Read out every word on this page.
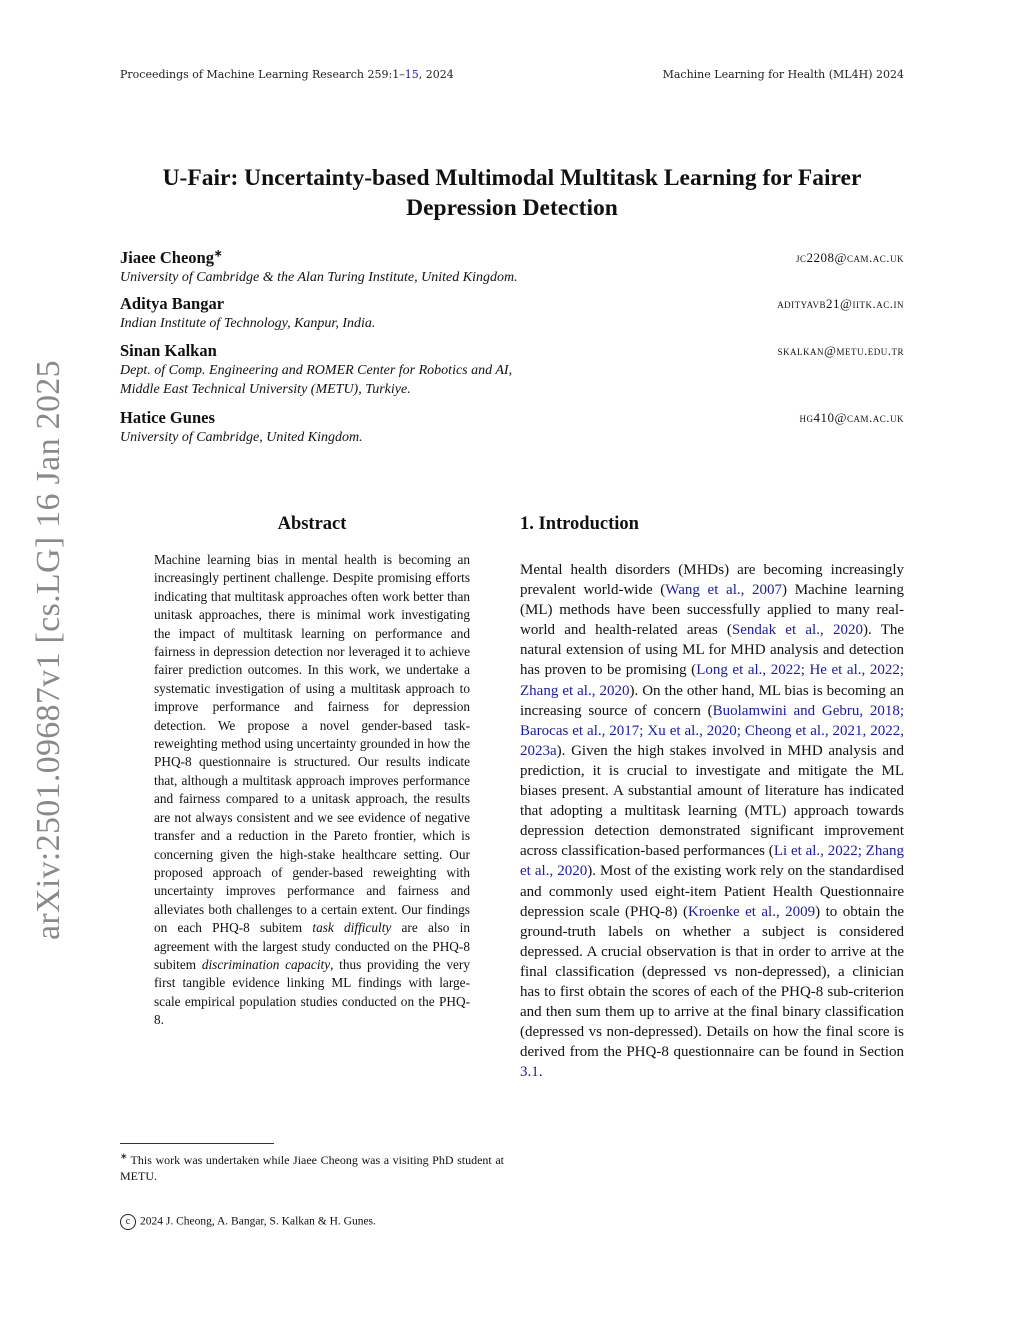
Proceedings of Machine Learning Research 259:1–15, 2024	Machine Learning for Health (ML4H) 2024
arXiv:2501.09687v1 [cs.LG] 16 Jan 2025
U-Fair: Uncertainty-based Multimodal Multitask Learning for Fairer Depression Detection
Jiaee Cheong∗	jc2208@cam.ac.uk
University of Cambridge & the Alan Turing Institute, United Kingdom.
Aditya Bangar	adityavb21@iitk.ac.in
Indian Institute of Technology, Kanpur, India.
Sinan Kalkan	skalkan@metu.edu.tr
Dept. of Comp. Engineering and ROMER Center for Robotics and AI,
Middle East Technical University (METU), Turkiye.
Hatice Gunes	hg410@cam.ac.uk
University of Cambridge, United Kingdom.
Abstract

Machine learning bias in mental health is becoming an increasingly pertinent challenge. Despite promising efforts indicating that multitask approaches often work better than unitask approaches, there is minimal work investigating the impact of multitask learning on performance and fairness in depression detection nor leveraged it to achieve fairer prediction outcomes. In this work, we undertake a systematic investigation of using a multitask approach to improve performance and fairness for depression detection. We propose a novel gender-based task-reweighting method using uncertainty grounded in how the PHQ-8 questionnaire is structured. Our results indicate that, although a multitask approach improves performance and fairness compared to a unitask approach, the results are not always consistent and we see evidence of negative transfer and a reduction in the Pareto frontier, which is concerning given the high-stake healthcare setting. Our proposed approach of gender-based reweighting with uncertainty improves performance and fairness and alleviates both challenges to a certain extent. Our findings on each PHQ-8 subitem task difficulty are also in agreement with the largest study conducted on the PHQ-8 subitem discrimination capacity, thus providing the very first tangible evidence linking ML findings with large-scale empirical population studies conducted on the PHQ-8.

1. Introduction

Mental health disorders (MHDs) are becoming increasingly prevalent world-wide (Wang et al., 2007) Machine learning (ML) methods have been successfully applied to many real-world and health-related areas (Sendak et al., 2020). The natural extension of using ML for MHD analysis and detection has proven to be promising (Long et al., 2022; He et al., 2022; Zhang et al., 2020). On the other hand, ML bias is becoming an increasing source of concern (Buolamwini and Gebru, 2018; Barocas et al., 2017; Xu et al., 2020; Cheong et al., 2021, 2022, 2023a). Given the high stakes involved in MHD analysis and prediction, it is crucial to investigate and mitigate the ML biases present. A substantial amount of literature has indicated that adopting a multitask learning (MTL) approach towards depression detection demonstrated significant improvement across classification-based performances (Li et al., 2022; Zhang et al., 2020). Most of the existing work rely on the standardised and commonly used eight-item Patient Health Questionnaire depression scale (PHQ-8) (Kroenke et al., 2009) to obtain the ground-truth labels on whether a subject is considered depressed. A crucial observation is that in order to arrive at the final classification (depressed vs non-depressed), a clinician has to first obtain the scores of each of the PHQ-8 sub-criterion and then sum them up to arrive at the final binary classification (depressed vs non-depressed). Details on how the final score is derived from the PHQ-8 questionnaire can be found in Section 3.1.

∗ This work was undertaken while Jiaee Cheong was a visiting PhD student at METU.
c 2024 J. Cheong, A. Bangar, S. Kalkan & H. Gunes.
